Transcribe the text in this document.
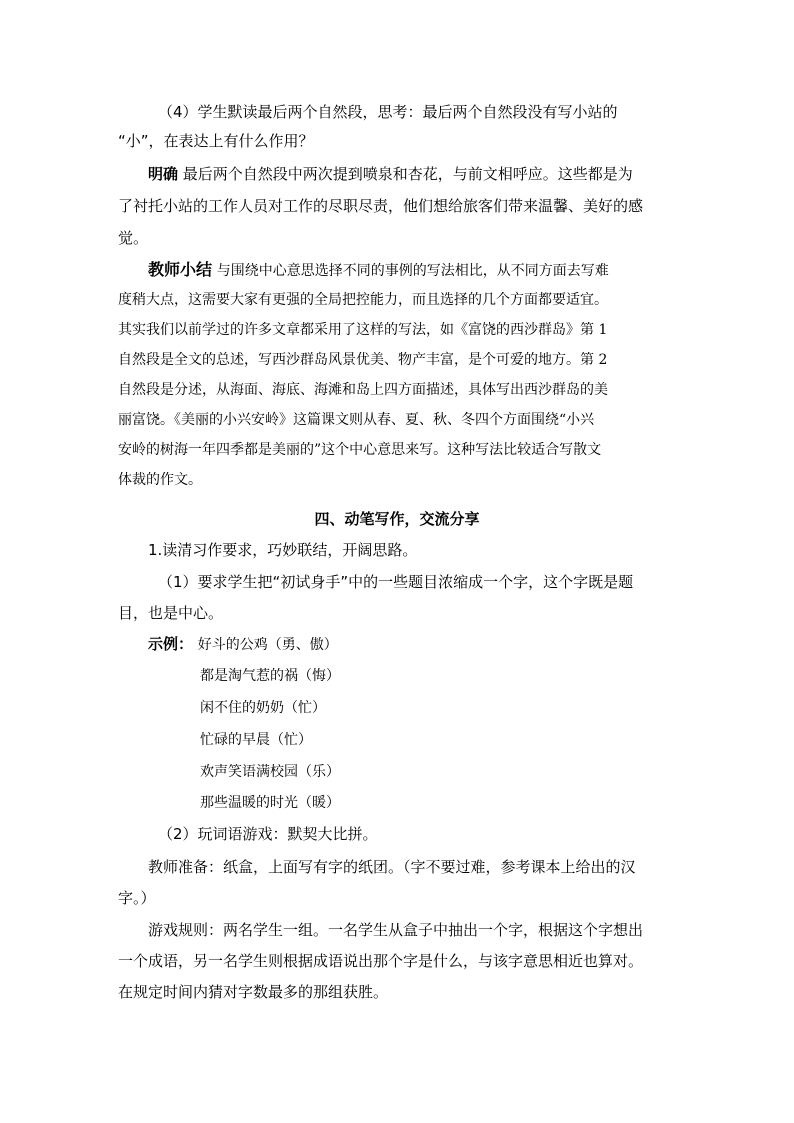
（4）学生默读最后两个自然段，思考：最后两个自然段没有写小站的
“小”，在表达上有什么作用？
明确 最后两个自然段中两次提到喷泉和杏花，与前文相呼应。这些都是为
了衬托小站的工作人员对工作的尽职尽责，他们想给旅客们带来温馨、美好的感
觉。
教师小结 与围绕中心意思选择不同的事例的写法相比，从不同方面去写难
度稍大点，这需要大家有更强的全局把控能力，而且选择的几个方面都要适宜。
其实我们以前学过的许多文章都采用了这样的写法，如《富饶的西沙群岛》第 1
自然段是全文的总述，写西沙群岛风景优美、物产丰富，是个可爱的地方。第 2
自然段是分述，从海面、海底、海滩和岛上四方面描述，具体写出西沙群岛的美
丽富饶。《美丽的小兴安岭》这篇课文则从春、夏、秋、冬四个方面围绕“小兴
安岭的树海一年四季都是美丽的”这个中心意思来写。这种写法比较适合写散文
体裁的作文。
四、动笔写作，交流分享
1.读清习作要求，巧妙联结，开阔思路。
（1）要求学生把“初试身手”中的一些题目浓缩成一个字，这个字既是题
目，也是中心。
示例： 好斗的公鸡（勇、傲）
都是淘气惹的祸（悔）
闲不住的奶奶（忙）
忙碌的早晨（忙）
欢声笑语满校园（乐）
那些温暖的时光（暖）
（2）玩词语游戏：默契大比拼。
教师准备：纸盒，上面写有字的纸团。（字不要过难，参考课本上给出的汉
字。）
游戏规则：两名学生一组。一名学生从盒子中抽出一个字，根据这个字想出
一个成语，另一名学生则根据成语说出那个字是什么，与该字意思相近也算对。
在规定时间内猜对字数最多的那组获胜。
